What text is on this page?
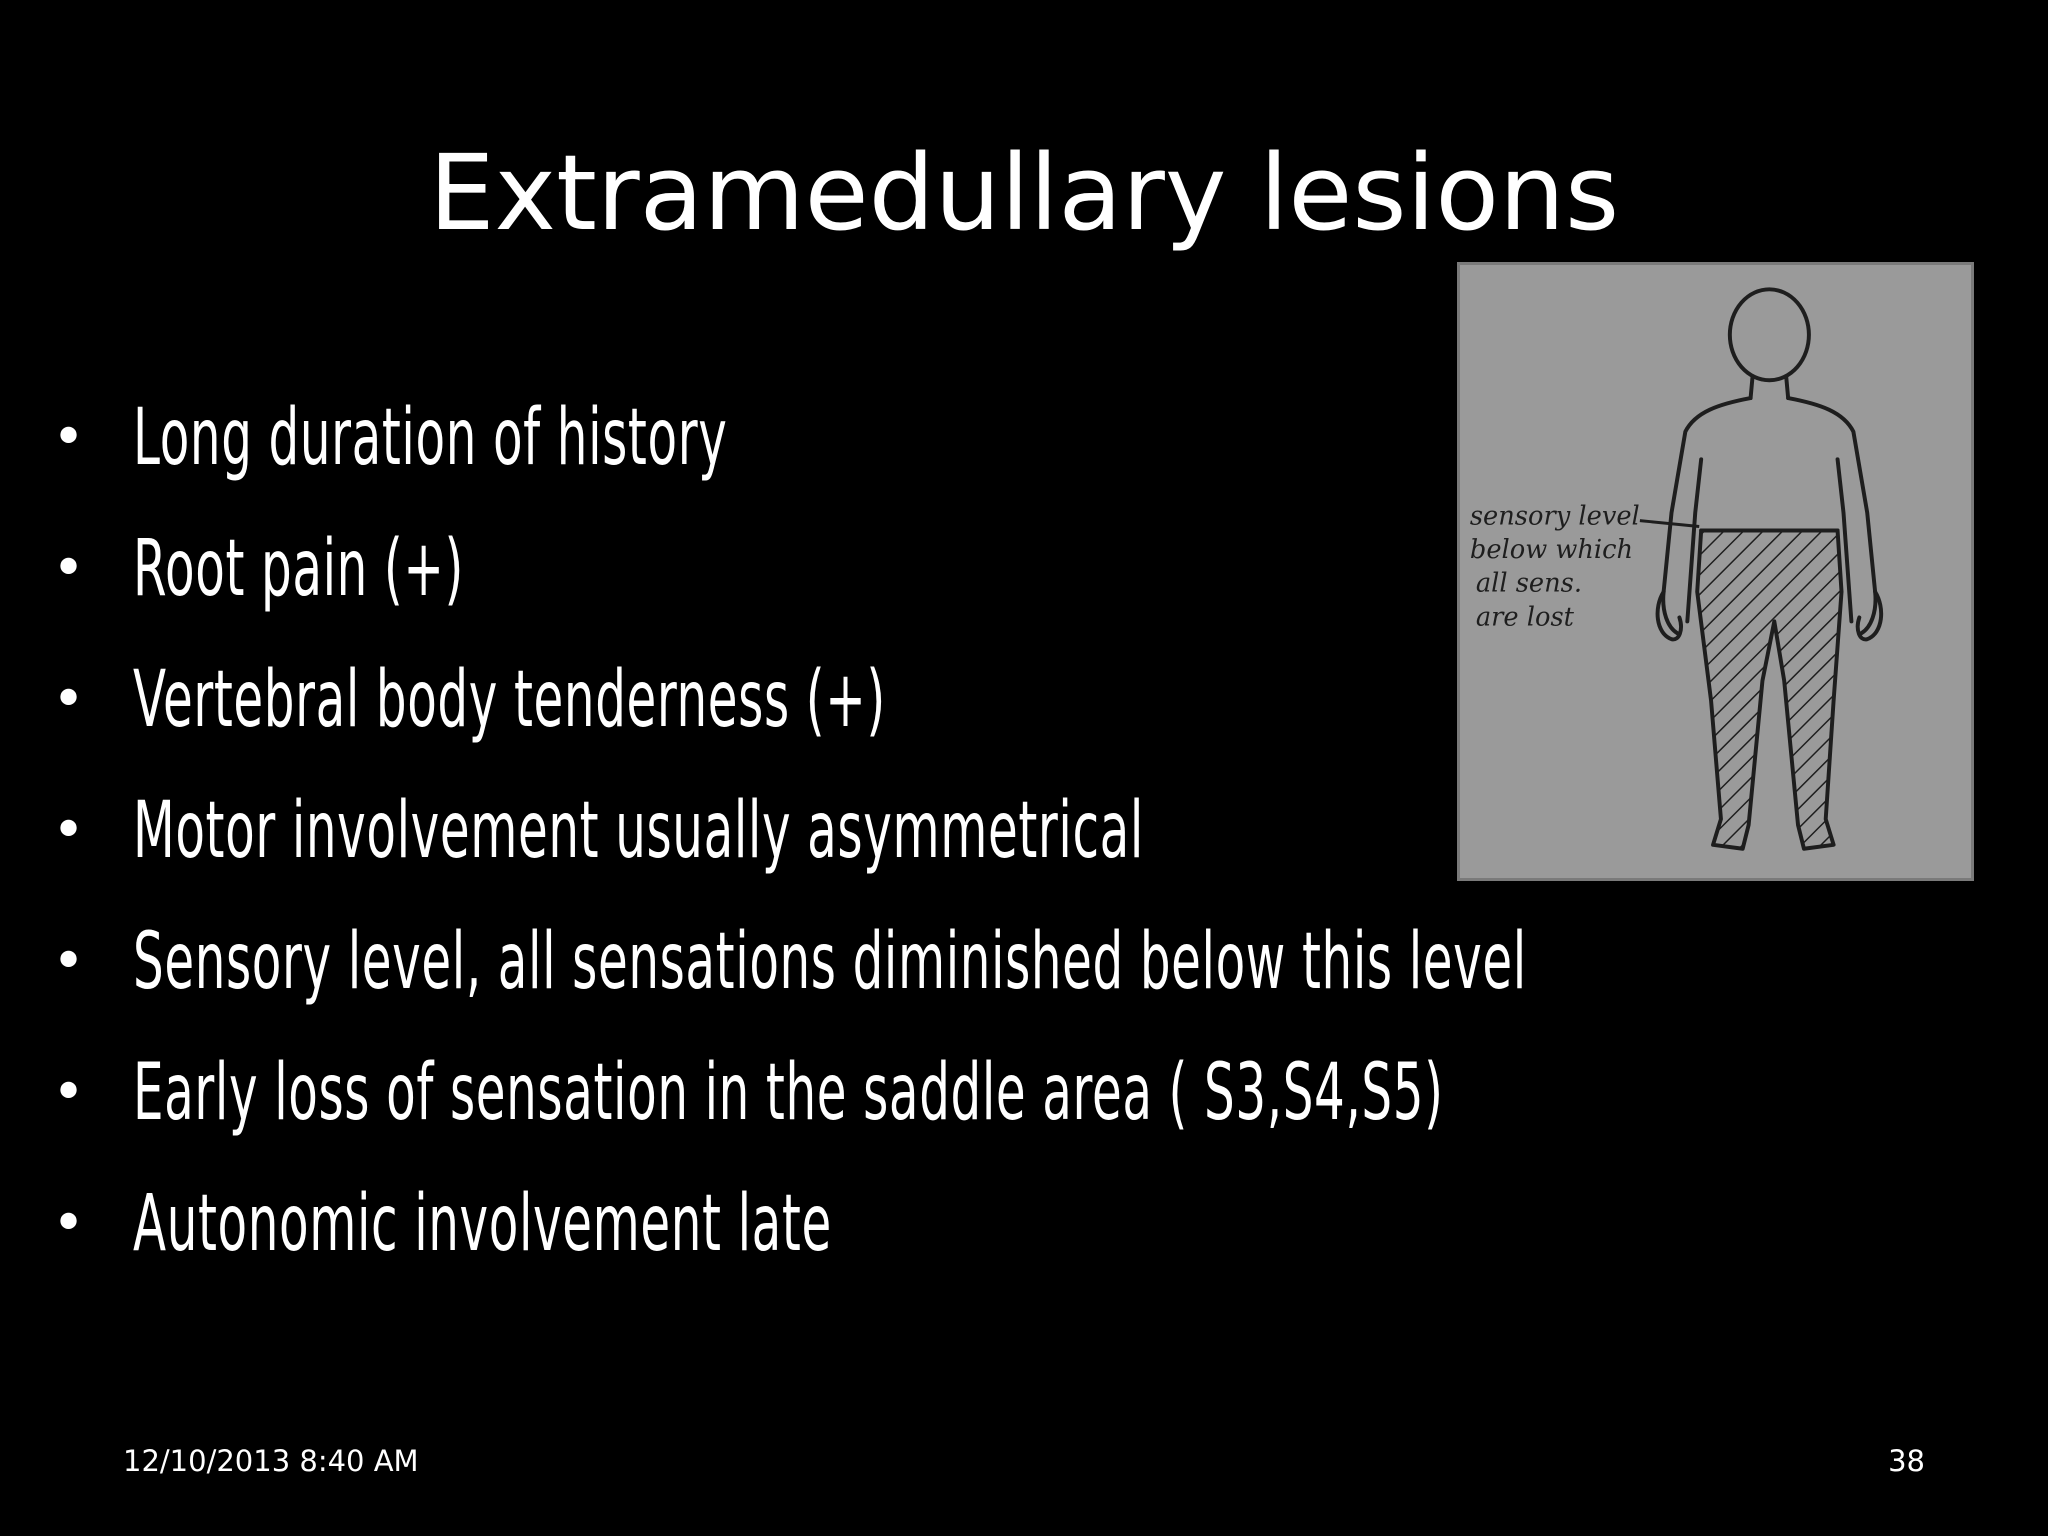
Extramedullary lesions
• Long duration of history
• Root pain (+)
• Vertebral body tenderness (+)
• Motor involvement usually asymmetrical
• Sensory level, all sensations diminished below this level
• Early loss of sensation in the saddle area ( S3,S4,S5)
• Autonomic involvement late
sensory level
below which
all sens.
are lost
12/10/2013 8:40 AM	38
